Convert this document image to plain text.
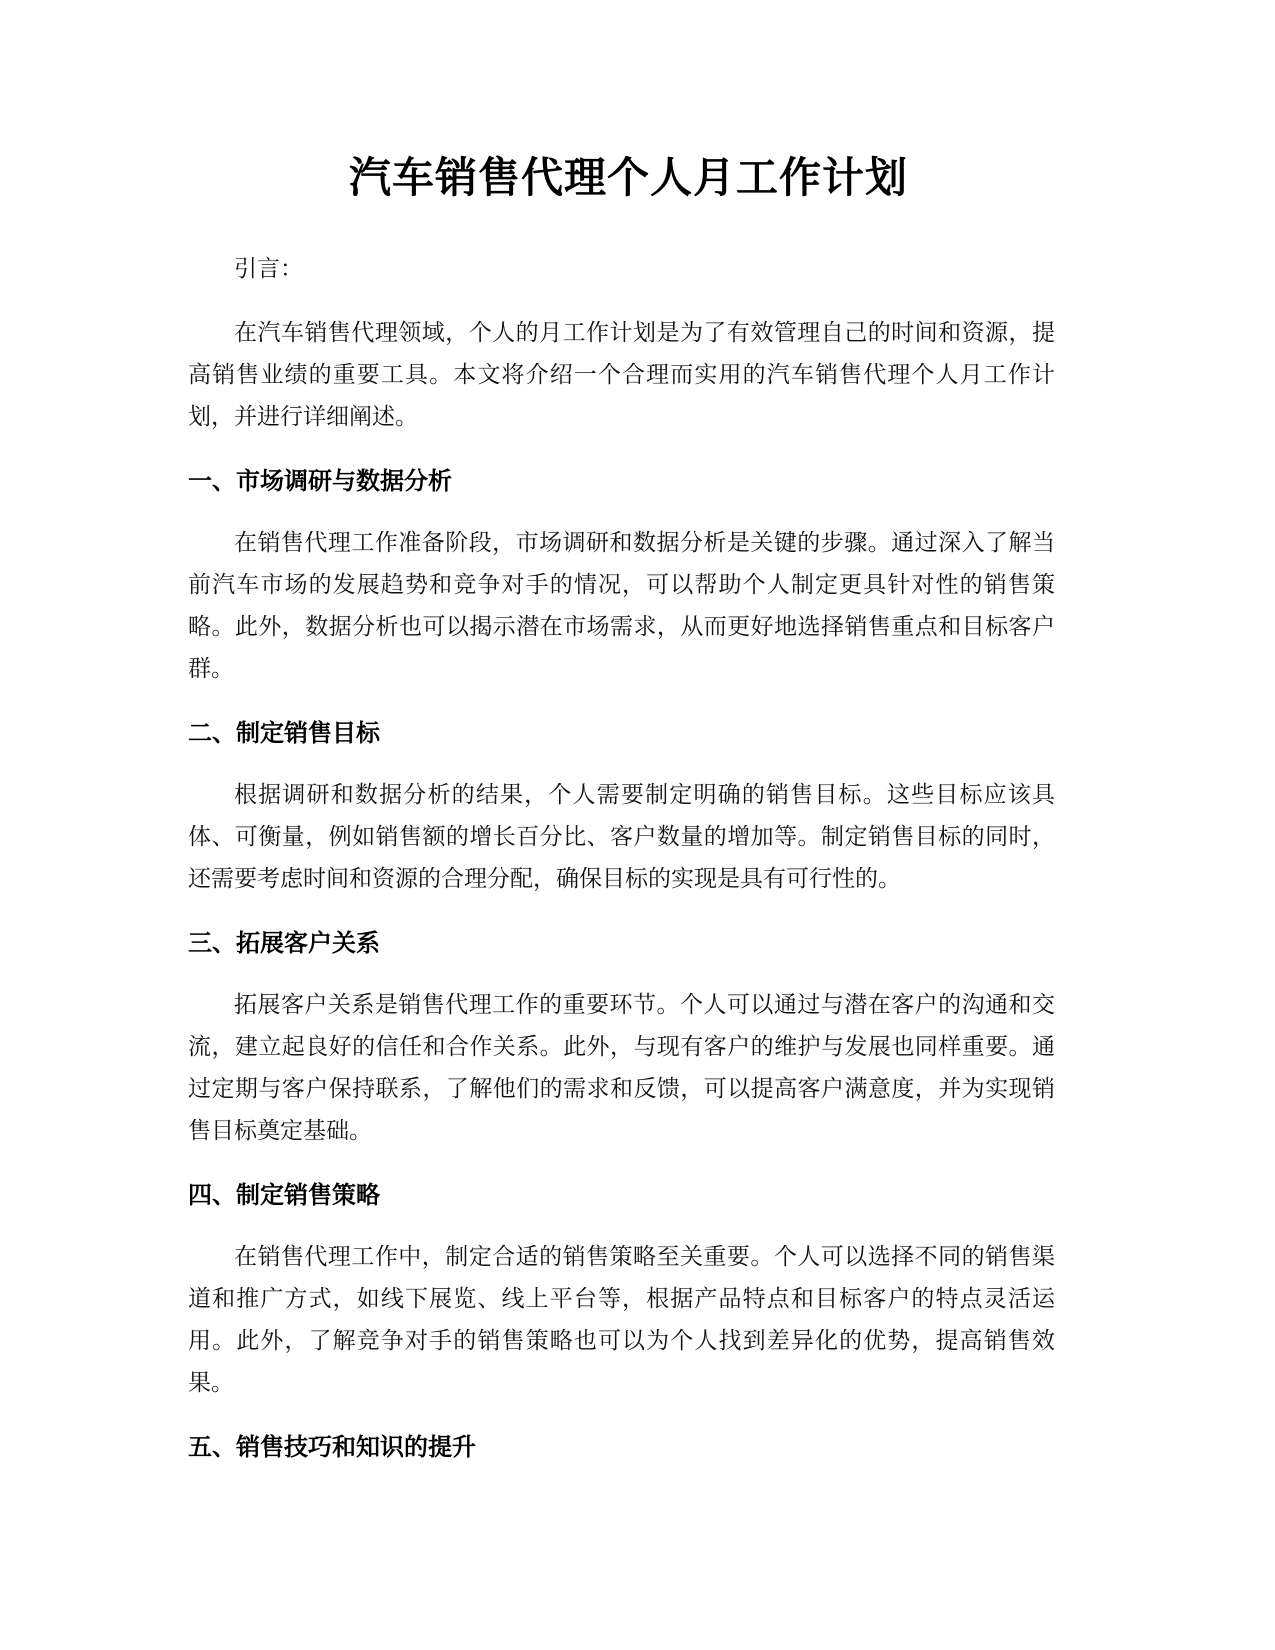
汽车销售代理个人月工作计划

引言：

在汽车销售代理领域，个人的月工作计划是为了有效管理自己的时间和资源，提高销售业绩的重要工具。本文将介绍一个合理而实用的汽车销售代理个人月工作计划，并进行详细阐述。

一、市场调研与数据分析

在销售代理工作准备阶段，市场调研和数据分析是关键的步骤。通过深入了解当前汽车市场的发展趋势和竞争对手的情况，可以帮助个人制定更具针对性的销售策略。此外，数据分析也可以揭示潜在市场需求，从而更好地选择销售重点和目标客户群。

二、制定销售目标

根据调研和数据分析的结果，个人需要制定明确的销售目标。这些目标应该具体、可衡量，例如销售额的增长百分比、客户数量的增加等。制定销售目标的同时，还需要考虑时间和资源的合理分配，确保目标的实现是具有可行性的。

三、拓展客户关系

拓展客户关系是销售代理工作的重要环节。个人可以通过与潜在客户的沟通和交流，建立起良好的信任和合作关系。此外，与现有客户的维护与发展也同样重要。通过定期与客户保持联系，了解他们的需求和反馈，可以提高客户满意度，并为实现销售目标奠定基础。

四、制定销售策略

在销售代理工作中，制定合适的销售策略至关重要。个人可以选择不同的销售渠道和推广方式，如线下展览、线上平台等，根据产品特点和目标客户的特点灵活运用。此外，了解竞争对手的销售策略也可以为个人找到差异化的优势，提高销售效果。

五、销售技巧和知识的提升
